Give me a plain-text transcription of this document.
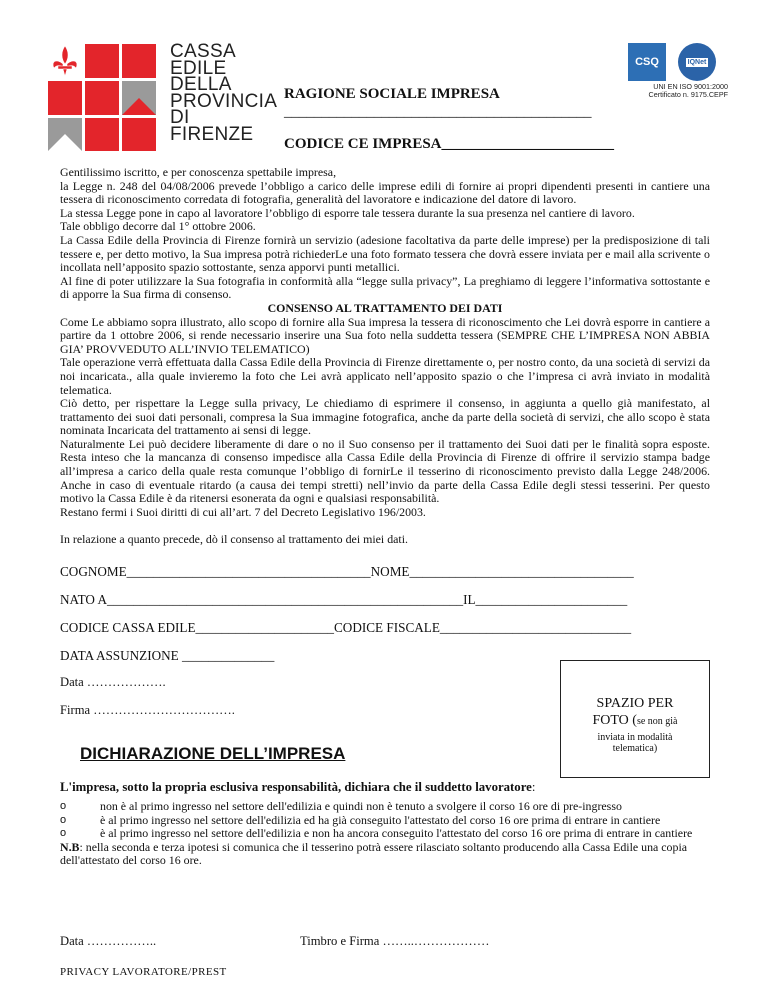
CASSA
EDILE
DELLA
PROVINCIA
DI
FIRENZE
RAGIONE SOCIALE IMPRESA
_________________________________________
CODICE CE IMPRESA_______________________
CSQ	IQNet
UNI EN ISO 9001:2000
Certificato n. 9175.CEPF

Gentilissimo iscritto, e per conoscenza spettabile impresa,

la Legge n. 248 del 04/08/2006 prevede l’obbligo a carico delle imprese edili di fornire ai propri dipendenti presenti in cantiere una tessera di riconoscimento corredata di fotografia, generalità del lavoratore e indicazione del datore di lavoro.

La stessa Legge pone in capo al lavoratore l’obbligo di esporre tale tessera durante la sua presenza nel cantiere di lavoro.

Tale obbligo decorre dal 1° ottobre 2006.

La Cassa Edile della Provincia di Firenze fornirà un servizio (adesione facoltativa da parte delle imprese) per la predisposizione di tali tessere e, per detto motivo, la Sua impresa potrà richiederLe una foto formato tessera che dovrà essere inviata per e mail alla scrivente o incollata nell’apposito spazio sottostante, senza apporvi punti metallici.

Al fine di poter utilizzare la Sua fotografia in conformità alla “legge sulla privacy”, La preghiamo di leggere l’informativa sottostante e di apporre la Sua firma di consenso.

CONSENSO AL TRATTAMENTO DEI DATI

Come Le abbiamo sopra illustrato, allo scopo di fornire alla Sua impresa la tessera di riconoscimento che Lei dovrà esporre in cantiere a partire da 1 ottobre 2006, si rende necessario inserire una Sua foto nella suddetta tessera (SEMPRE CHE L’IMPRESA NON ABBIA GIA’ PROVVEDUTO ALL’INVIO TELEMATICO)

Tale operazione verrà effettuata dalla Cassa Edile della Provincia di Firenze direttamente o, per nostro conto, da una società di servizi da noi incaricata., alla quale invieremo la foto che Lei avrà applicato nell’apposito spazio o che l’impresa ci avrà inviato in modalità telematica.

Ciò detto, per rispettare la Legge sulla privacy, Le chiediamo di esprimere il consenso, in aggiunta a quello già manifestato, al trattamento dei suoi dati personali, compresa la Sua immagine fotografica, anche da parte della società di servizi, che allo scopo è stata nominata Incaricata del trattamento ai sensi di legge.

Naturalmente Lei può decidere liberamente di dare o no il Suo consenso per il trattamento dei Suoi dati per le finalità sopra esposte. Resta inteso che la mancanza di consenso impedisce alla Cassa Edile della Provincia di Firenze di offrire il servizio stampa badge all’impresa a carico della quale resta comunque l’obbligo di fornirLe il tesserino di riconoscimento previsto dalla Legge 248/2006. Anche in caso di eventuale ritardo (a causa dei tempi stretti) nell’invio da parte della Cassa Edile degli stessi tesserini. Per questo motivo la Cassa Edile è da ritenersi esonerata da ogni e qualsiasi responsabilità.

Restano fermi i Suoi diritti di cui all’art. 7 del Decreto Legislativo 196/2003.

In relazione a quanto precede, dò il consenso al trattamento dei miei dati.

COGNOME_____________________________________NOME__________________________________
NATO A______________________________________________________IL_______________________
CODICE CASSA EDILE_____________________CODICE FISCALE_____________________________
DATA ASSUNZIONE ______________
Data ……………….
Firma …………………………….	SPAZIO PER
FOTO (se non già
inviata in modalità telematica)
DICHIARAZIONE DELL’IMPRESA
L'impresa, sotto la propria esclusiva responsabilità, dichiara che il suddetto lavoratore:
o	non è al primo ingresso nel settore dell'edilizia e quindi non è tenuto a svolgere il corso 16 ore di pre-ingresso
o	è al primo ingresso nel settore dell'edilizia ed ha già conseguito l'attestato del corso 16 ore prima di entrare in cantiere
o	è al primo ingresso nel settore dell'edilizia e non ha ancora conseguito l'attestato del corso 16 ore prima di entrare in cantiere
N.B: nella seconda e terza ipotesi si comunica che il tesserino potrà essere rilasciato soltanto producendo alla Cassa Edile una copia dell'attestato del corso 16 ore.
Data ……………..	Timbro e Firma ……..………………
PRIVACY LAVORATORE/PREST
